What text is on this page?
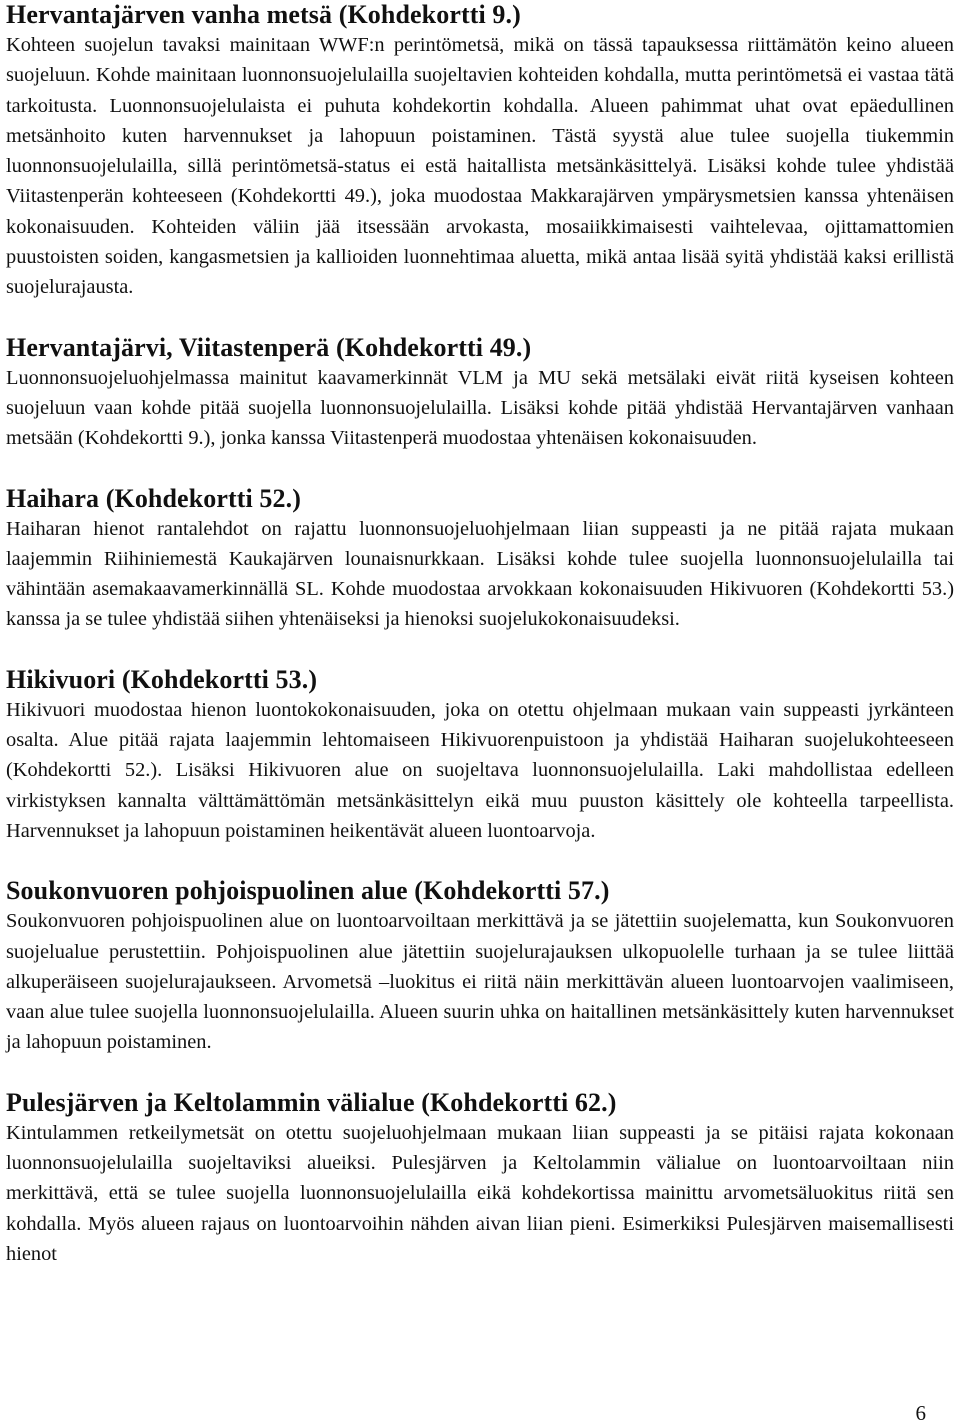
Hervantajärven vanha metsä (Kohdekortti 9.)

Kohteen suojelun tavaksi mainitaan WWF:n perintömetsä, mikä on tässä tapauksessa riittämätön keino alueen suojeluun. Kohde mainitaan luonnonsuojelulailla suojeltavien kohteiden kohdalla, mutta perintömetsä ei vastaa tätä tarkoitusta. Luonnonsuojelulaista ei puhuta kohdekortin kohdalla. Alueen pahimmat uhat ovat epäedullinen metsänhoito kuten harvennukset ja lahopuun poistaminen. Tästä syystä alue tulee suojella tiukemmin luonnonsuojelulailla, sillä perintömetsä-status ei estä haitallista metsänkäsittelyä. Lisäksi kohde tulee yhdistää Viitastenperän kohteeseen (Kohdekortti 49.), joka muodostaa Makkarajärven ympärysmetsien kanssa yhtenäisen kokonaisuuden. Kohteiden väliin jää itsessään arvokasta, mosaiikkimaisesti vaihtelevaa, ojittamattomien puustoisten soiden, kangasmetsien ja kallioiden luonnehtimaa aluetta, mikä antaa lisää syitä yhdistää kaksi erillistä suojelurajausta.

Hervantajärvi, Viitastenperä (Kohdekortti 49.)

Luonnonsuojeluohjelmassa mainitut kaavamerkinnät VLM ja MU sekä metsälaki eivät riitä kyseisen kohteen suojeluun vaan kohde pitää suojella luonnonsuojelulailla. Lisäksi kohde pitää yhdistää Hervantajärven vanhaan metsään (Kohdekortti 9.), jonka kanssa Viitastenperä muodostaa yhtenäisen kokonaisuuden.

Haihara (Kohdekortti 52.)

Haiharan hienot rantalehdot on rajattu luonnonsuojeluohjelmaan liian suppeasti ja ne pitää rajata mukaan laajemmin Riihiniemestä Kaukajärven lounaisnurkkaan. Lisäksi kohde tulee suojella luonnonsuojelulailla tai vähintään asemakaavamerkinnällä SL. Kohde muodostaa arvokkaan kokonaisuuden Hikivuoren (Kohdekortti 53.) kanssa ja se tulee yhdistää siihen yhtenäiseksi ja hienoksi suojelukokonaisuudeksi.

Hikivuori (Kohdekortti 53.)

Hikivuori muodostaa hienon luontokokonaisuuden, joka on otettu ohjelmaan mukaan vain suppeasti jyrkänteen osalta. Alue pitää rajata laajemmin lehtomaiseen Hikivuorenpuistoon ja yhdistää Haiharan suojelukohteeseen (Kohdekortti 52.). Lisäksi Hikivuoren alue on suojeltava luonnonsuojelulailla. Laki mahdollistaa edelleen virkistyksen kannalta välttämättömän metsänkäsittelyn eikä muu puuston käsittely ole kohteella tarpeellista. Harvennukset ja lahopuun poistaminen heikentävät alueen luontoarvoja.

Soukonvuoren pohjoispuolinen alue (Kohdekortti 57.)

Soukonvuoren pohjoispuolinen alue on luontoarvoiltaan merkittävä ja se jätettiin suojelematta, kun Soukonvuoren suojelualue perustettiin. Pohjoispuolinen alue jätettiin suojelurajauksen ulkopuolelle turhaan ja se tulee liittää alkuperäiseen suojelurajaukseen. Arvometsä –luokitus ei riitä näin merkittävän alueen luontoarvojen vaalimiseen, vaan alue tulee suojella luonnonsuojelulailla. Alueen suurin uhka on haitallinen metsänkäsittely kuten harvennukset ja lahopuun poistaminen.

Pulesjärven ja Keltolammin välialue (Kohdekortti 62.)

Kintulammen retkeilymetsät on otettu suojeluohjelmaan mukaan liian suppeasti ja se pitäisi rajata kokonaan luonnonsuojelulailla suojeltaviksi alueiksi. Pulesjärven ja Keltolammin välialue on luontoarvoiltaan niin merkittävä, että se tulee suojella luonnonsuojelulailla eikä kohdekortissa mainittu arvometsäluokitus riitä sen kohdalla. Myös alueen rajaus on luontoarvoihin nähden aivan liian pieni. Esimerkiksi Pulesjärven maisemallisesti hienot

6
